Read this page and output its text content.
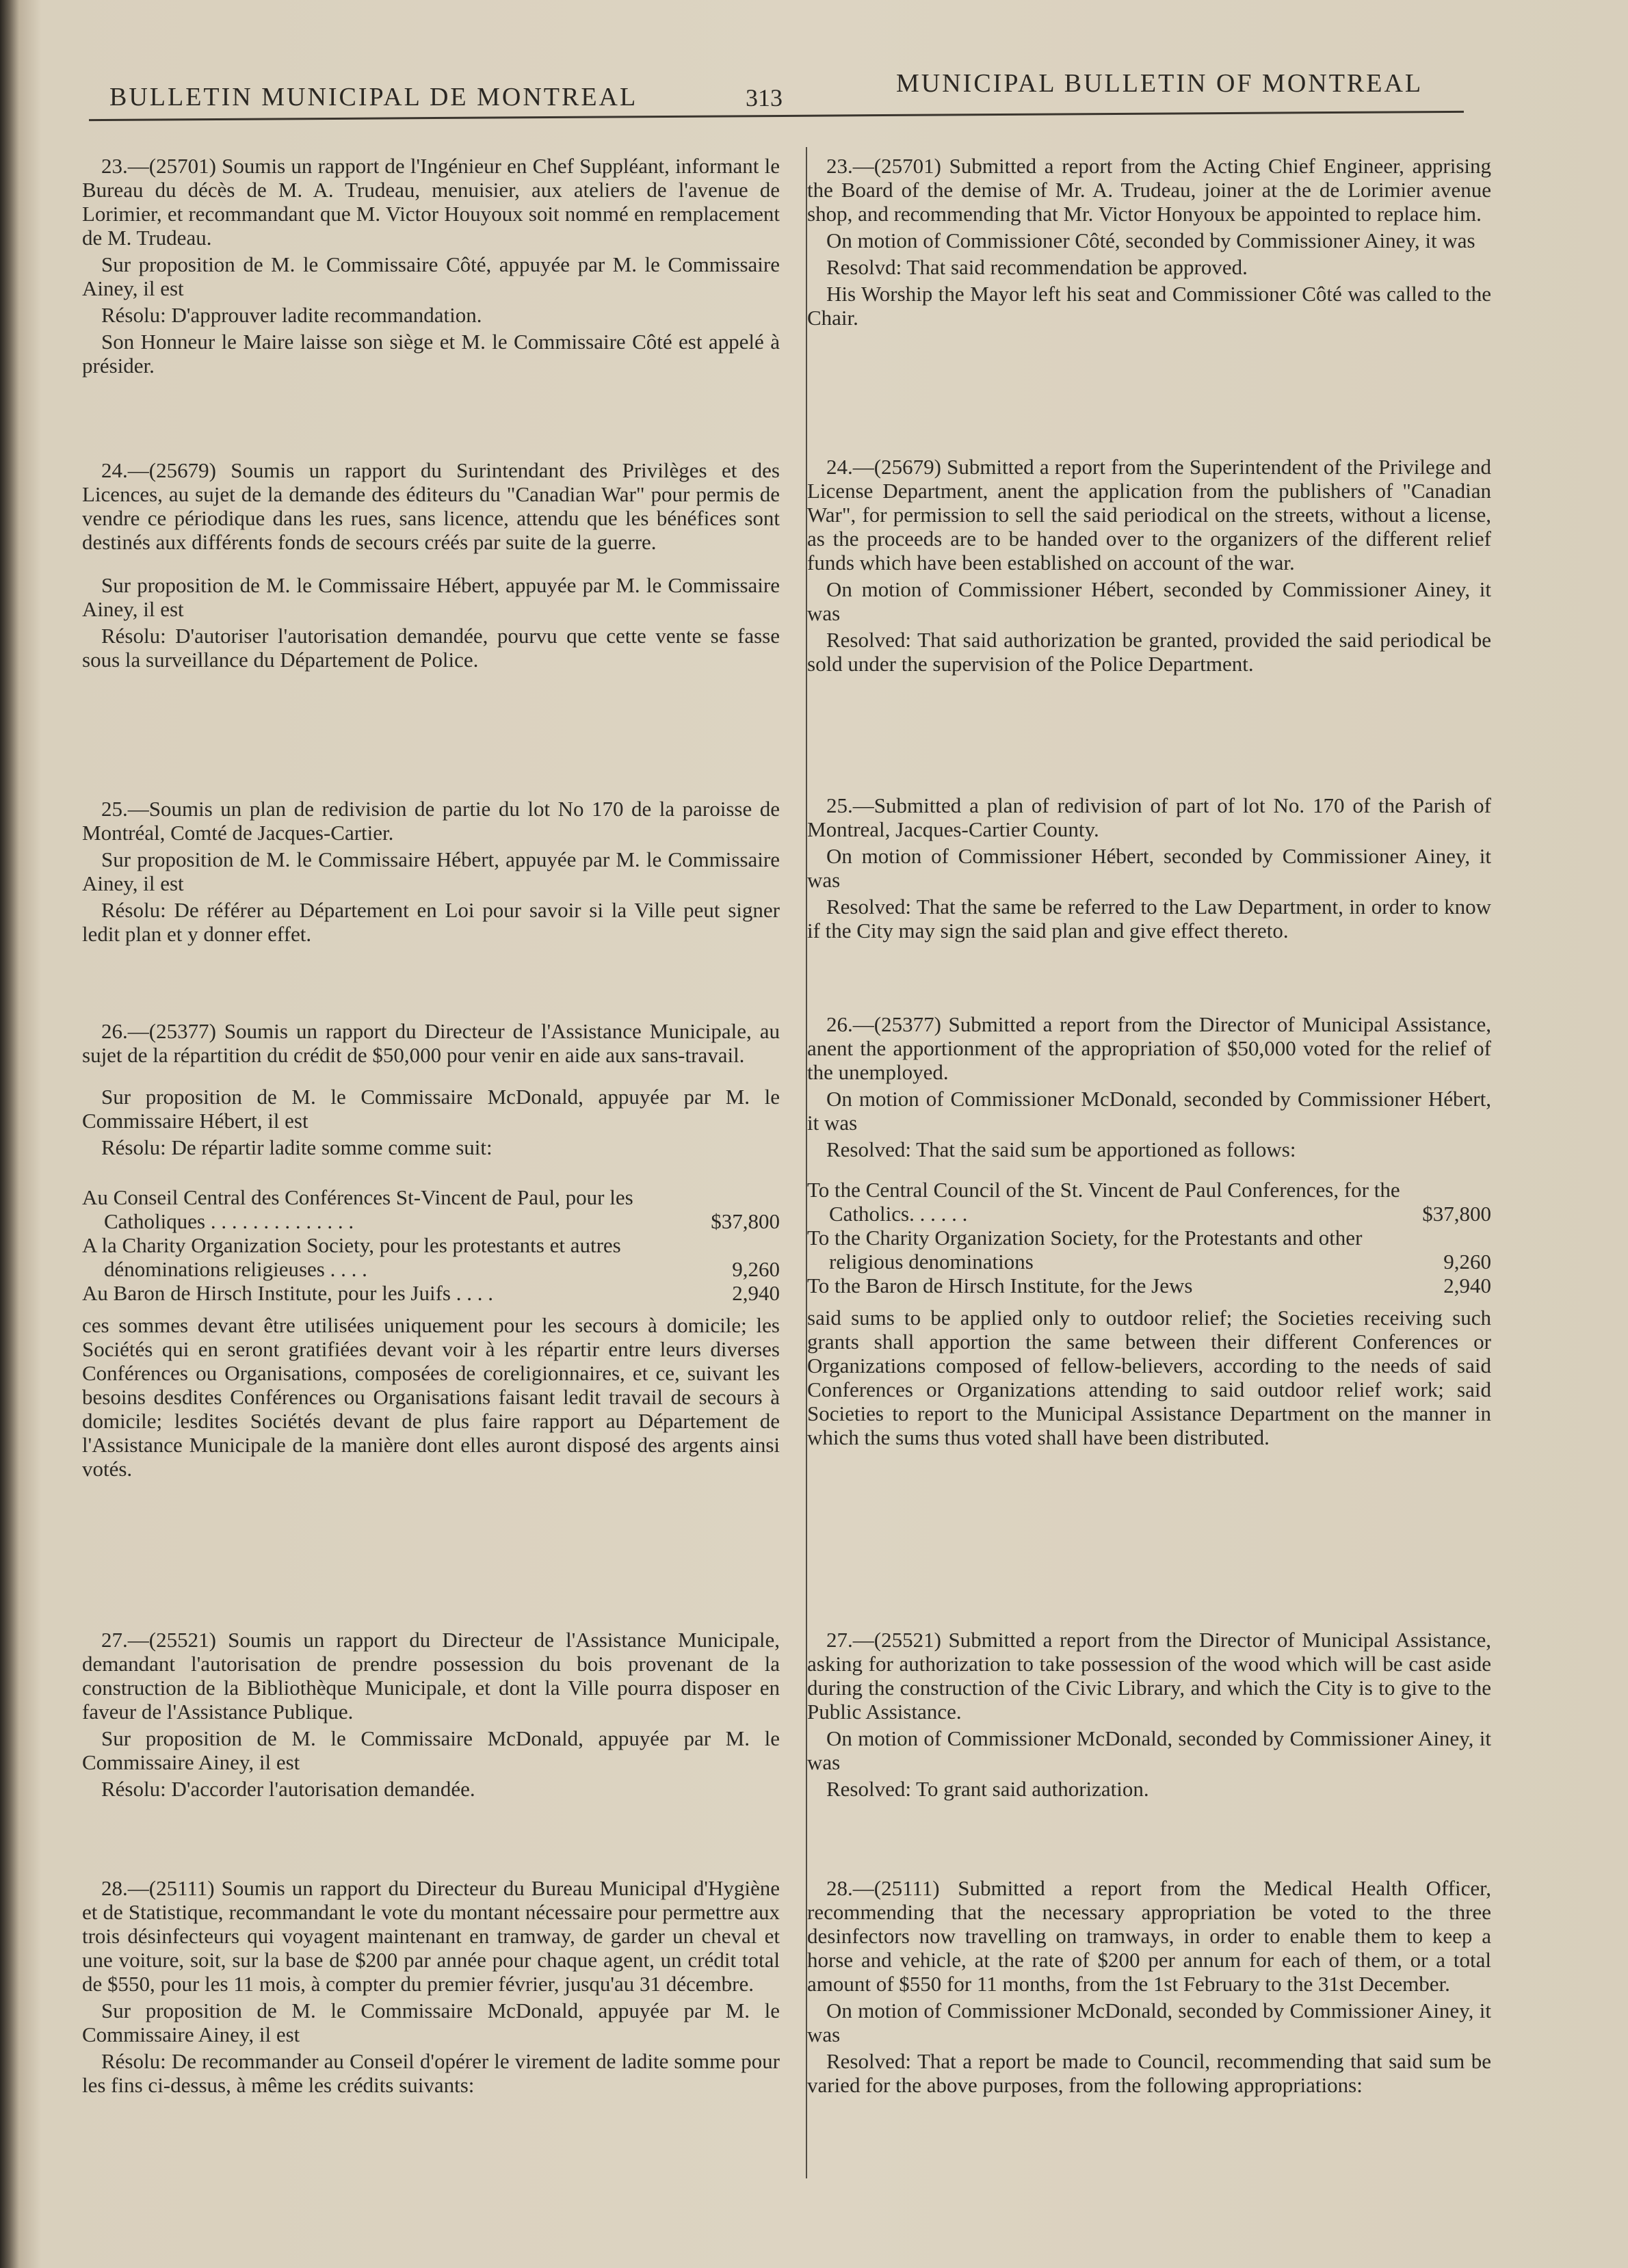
BULLETIN MUNICIPAL DE MONTREAL	313	MUNICIPAL BULLETIN OF MONTREAL

23.—(25701) Soumis un rapport de l'Ingénieur en Chef Suppléant, informant le Bureau du décès de M. A. Trudeau, menuisier, aux ateliers de l'avenue de Lorimier, et recommandant que M. Victor Houyoux soit nommé en remplacement de M. Trudeau.

Sur proposition de M. le Commissaire Côté, appuyée par M. le Commissaire Ainey, il est

Résolu: D'approuver ladite recommandation.

Son Honneur le Maire laisse son siège et M. le Commissaire Côté est appelé à présider.

24.—(25679) Soumis un rapport du Surintendant des Privilèges et des Licences, au sujet de la demande des éditeurs du "Canadian War" pour permis de vendre ce périodique dans les rues, sans licence, attendu que les bénéfices sont destinés aux différents fonds de secours créés par suite de la guerre.

Sur proposition de M. le Commissaire Hébert, appuyée par M. le Commissaire Ainey, il est

Résolu: D'autoriser l'autorisation demandée, pourvu que cette vente se fasse sous la surveillance du Département de Police.

25.—Soumis un plan de redivision de partie du lot No 170 de la paroisse de Montréal, Comté de Jacques-Cartier.

Sur proposition de M. le Commissaire Hébert, appuyée par M. le Commissaire Ainey, il est

Résolu: De référer au Département en Loi pour savoir si la Ville peut signer ledit plan et y donner effet.

26.—(25377) Soumis un rapport du Directeur de l'Assistance Municipale, au sujet de la répartition du crédit de $50,000 pour venir en aide aux sans-travail.

Sur proposition de M. le Commissaire McDonald, appuyée par M. le Commissaire Hébert, il est

Résolu: De répartir ladite somme comme suit:

Au Conseil Central des Conférences St-Vincent de Paul, pour les Catholiques . . . . . . . . . . . . . .	$37,800
A la Charity Organization Society, pour les protestants et autres dénominations religieuses . . . .	9,260
Au Baron de Hirsch Institute, pour les Juifs . . . .	2,940

ces sommes devant être utilisées uniquement pour les secours à domicile; les Sociétés qui en seront gratifiées devant voir à les répartir entre leurs diverses Conférences ou Organisations, composées de coreligionnaires, et ce, suivant les besoins desdites Conférences ou Organisations faisant ledit travail de secours à domicile; lesdites Sociétés devant de plus faire rapport au Département de l'Assistance Municipale de la manière dont elles auront disposé des argents ainsi votés.

27.—(25521) Soumis un rapport du Directeur de l'Assistance Municipale, demandant l'autorisation de prendre possession du bois provenant de la construction de la Bibliothèque Municipale, et dont la Ville pourra disposer en faveur de l'Assistance Publique.

Sur proposition de M. le Commissaire McDonald, appuyée par M. le Commissaire Ainey, il est

Résolu: D'accorder l'autorisation demandée.

28.—(25111) Soumis un rapport du Directeur du Bureau Municipal d'Hygiène et de Statistique, recommandant le vote du montant nécessaire pour permettre aux trois désinfecteurs qui voyagent maintenant en tramway, de garder un cheval et une voiture, soit, sur la base de $200 par année pour chaque agent, un crédit total de $550, pour les 11 mois, à compter du premier février, jusqu'au 31 décembre.

Sur proposition de M. le Commissaire McDonald, appuyée par M. le Commissaire Ainey, il est

Résolu: De recommander au Conseil d'opérer le virement de ladite somme pour les fins ci-dessus, à même les crédits suivants:

23.—(25701) Submitted a report from the Acting Chief Engineer, apprising the Board of the demise of Mr. A. Trudeau, joiner at the de Lorimier avenue shop, and recommending that Mr. Victor Honyoux be appointed to replace him.

On motion of Commissioner Côté, seconded by Commissioner Ainey, it was

Resolvd: That said recommendation be approved.

His Worship the Mayor left his seat and Commissioner Côté was called to the Chair.

24.—(25679) Submitted a report from the Superintendent of the Privilege and License Department, anent the application from the publishers of "Canadian War", for permission to sell the said periodical on the streets, without a license, as the proceeds are to be handed over to the organizers of the different relief funds which have been established on account of the war.

On motion of Commissioner Hébert, seconded by Commissioner Ainey, it was

Resolved: That said authorization be granted, provided the said periodical be sold under the supervision of the Police Department.

25.—Submitted a plan of redivision of part of lot No. 170 of the Parish of Montreal, Jacques-Cartier County.

On motion of Commissioner Hébert, seconded by Commissioner Ainey, it was

Resolved: That the same be referred to the Law Department, in order to know if the City may sign the said plan and give effect thereto.

26.—(25377) Submitted a report from the Director of Municipal Assistance, anent the apportionment of the appropriation of $50,000 voted for the relief of the unemployed.

On motion of Commissioner McDonald, seconded by Commissioner Hébert, it was

Resolved: That the said sum be apportioned as follows:

To the Central Council of the St. Vincent de Paul Conferences, for the Catholics. . . . . .	$37,800
To the Charity Organization Society, for the Protestants and other religious denominations	9,260
To the Baron de Hirsch Institute, for the Jews	2,940

said sums to be applied only to outdoor relief; the Societies receiving such grants shall apportion the same between their different Conferences or Organizations composed of fellow-believers, according to the needs of said Conferences or Organizations attending to said outdoor relief work; said Societies to report to the Municipal Assistance Department on the manner in which the sums thus voted shall have been distributed.

27.—(25521) Submitted a report from the Director of Municipal Assistance, asking for authorization to take possession of the wood which will be cast aside during the construction of the Civic Library, and which the City is to give to the Public Assistance.

On motion of Commissioner McDonald, seconded by Commissioner Ainey, it was

Resolved: To grant said authorization.

28.—(25111) Submitted a report from the Medical Health Officer, recommending that the necessary appropriation be voted to the three desinfectors now travelling on tramways, in order to enable them to keep a horse and vehicle, at the rate of $200 per annum for each of them, or a total amount of $550 for 11 months, from the 1st February to the 31st December.

On motion of Commissioner McDonald, seconded by Commissioner Ainey, it was

Resolved: That a report be made to Council, recommending that said sum be varied for the above purposes, from the following appropriations:
